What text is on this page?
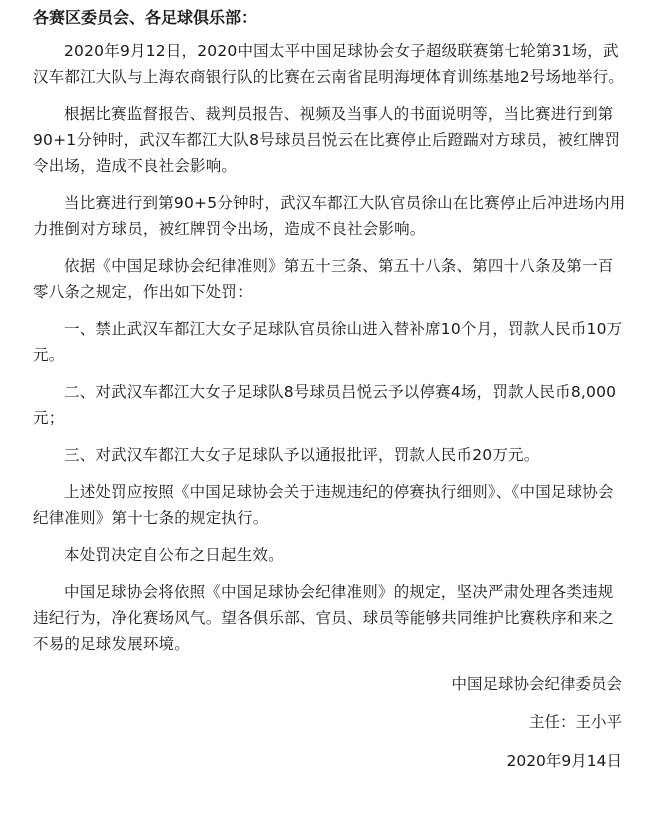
各赛区委员会、各足球俱乐部：

2020年9月12日，2020中国太平中国足球协会女子超级联赛第七轮第31场，武汉车都江大队与上海农商银行队的比赛在云南省昆明海埂体育训练基地2号场地举行。

根据比赛监督报告、裁判员报告、视频及当事人的书面说明等，当比赛进行到第90+1分钟时，武汉车都江大队8号球员吕悦云在比赛停止后蹬踹对方球员，被红牌罚令出场，造成不良社会影响。

当比赛进行到第90+5分钟时，武汉车都江大队官员徐山在比赛停止后冲进场内用力推倒对方球员，被红牌罚令出场，造成不良社会影响。

依据《中国足球协会纪律准则》第五十三条、第五十八条、第四十八条及第一百零八条之规定，作出如下处罚：

一、禁止武汉车都江大女子足球队官员徐山进入替补席10个月，罚款人民币10万元。

二、对武汉车都江大女子足球队8号球员吕悦云予以停赛4场，罚款人民币8,000元；

三、对武汉车都江大女子足球队予以通报批评，罚款人民币20万元。

上述处罚应按照《中国足球协会关于违规违纪的停赛执行细则》、《中国足球协会纪律准则》第十七条的规定执行。

本处罚决定自公布之日起生效。

中国足球协会将依照《中国足球协会纪律准则》的规定，坚决严肃处理各类违规违纪行为，净化赛场风气。望各俱乐部、官员、球员等能够共同维护比赛秩序和来之不易的足球发展环境。

中国足球协会纪律委员会
主任：王小平
2020年9月14日
